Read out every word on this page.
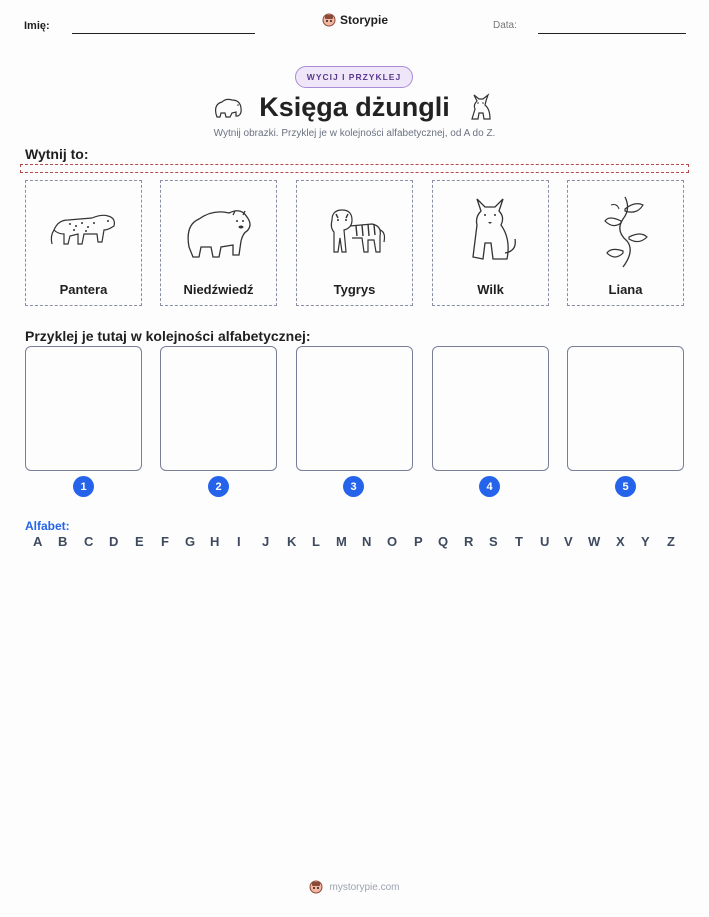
Imię:	Storypie	Data:
WYCIJ I PRZYKLEJ
Księga dżungli
Wytnij obrazki. Przyklej je w kolejności alfabetycznej, od A do Z.
Wytnij to:
Pantera	Niedźwiedź	Tygrys	Wilk	Liana
Przyklej je tutaj w kolejności alfabetycznej:
1	2	3	4	5
Alfabet:
A B C D E F G H I J K L M N O P Q R S T U V W X Y Z
mystorypie.com
